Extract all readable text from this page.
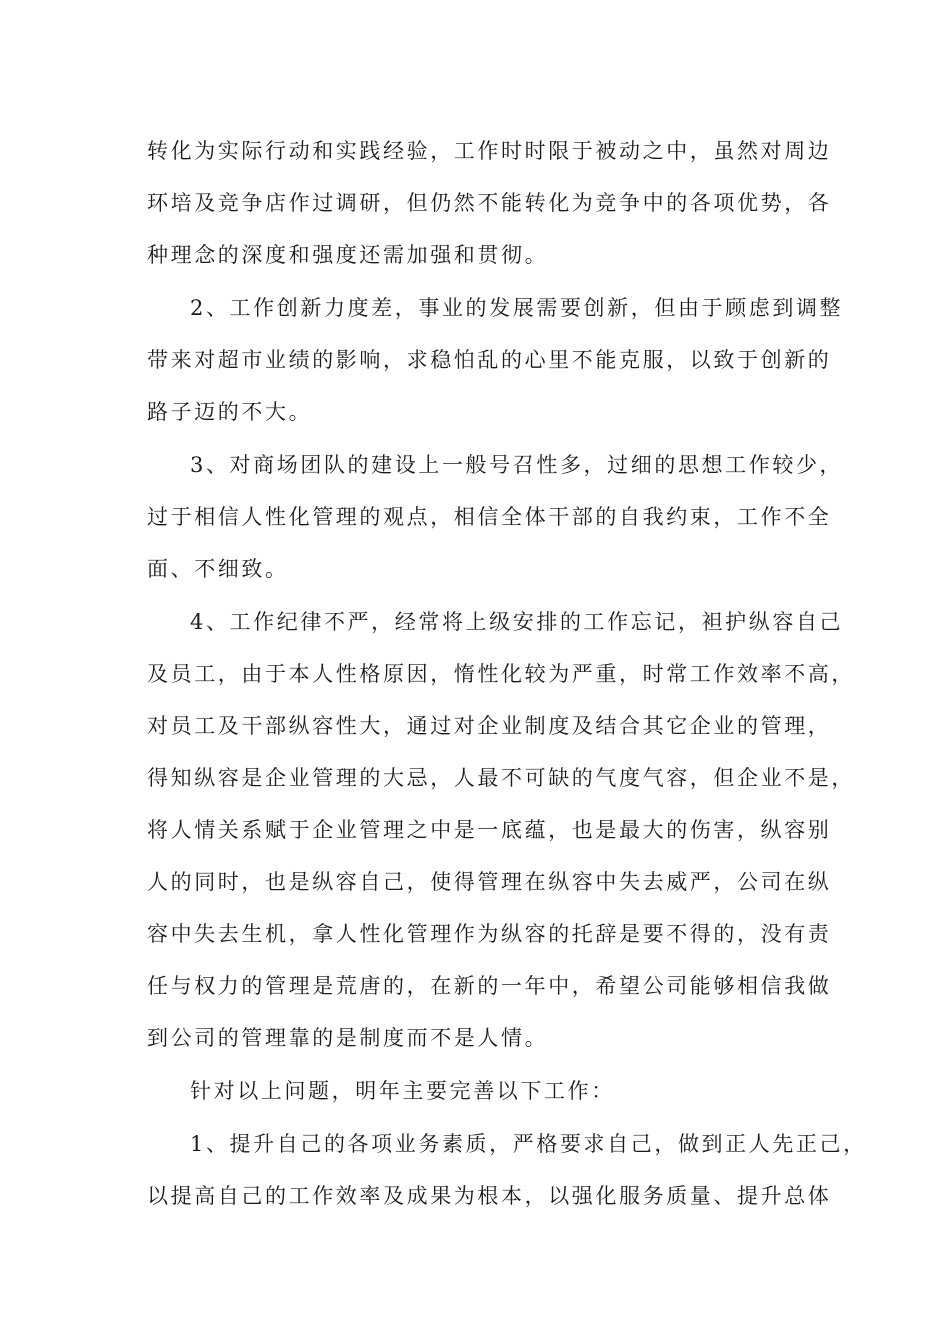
转化为实际行动和实践经验，工作时时限于被动之中，虽然对周边
环培及竞争店作过调研，但仍然不能转化为竞争中的各项优势，各
种理念的深度和强度还需加强和贯彻。
2、工作创新力度差，事业的发展需要创新，但由于顾虑到调整
带来对超市业绩的影响，求稳怕乱的心里不能克服，以致于创新的
路子迈的不大。
3、对商场团队的建设上一般号召性多，过细的思想工作较少，
过于相信人性化管理的观点，相信全体干部的自我约束，工作不全
面、不细致。
4、工作纪律不严，经常将上级安排的工作忘记，袒护纵容自己
及员工，由于本人性格原因，惰性化较为严重，时常工作效率不高，
对员工及干部纵容性大，通过对企业制度及结合其它企业的管理，
得知纵容是企业管理的大忌，人最不可缺的气度气容，但企业不是，
将人情关系赋于企业管理之中是一底蕴，也是最大的伤害，纵容别
人的同时，也是纵容自己，使得管理在纵容中失去威严，公司在纵
容中失去生机，拿人性化管理作为纵容的托辞是要不得的，没有责
任与权力的管理是荒唐的，在新的一年中，希望公司能够相信我做
到公司的管理靠的是制度而不是人情。
针对以上问题，明年主要完善以下工作：
1、提升自己的各项业务素质，严格要求自己，做到正人先正己，
以提高自己的工作效率及成果为根本，以强化服务质量、提升总体
